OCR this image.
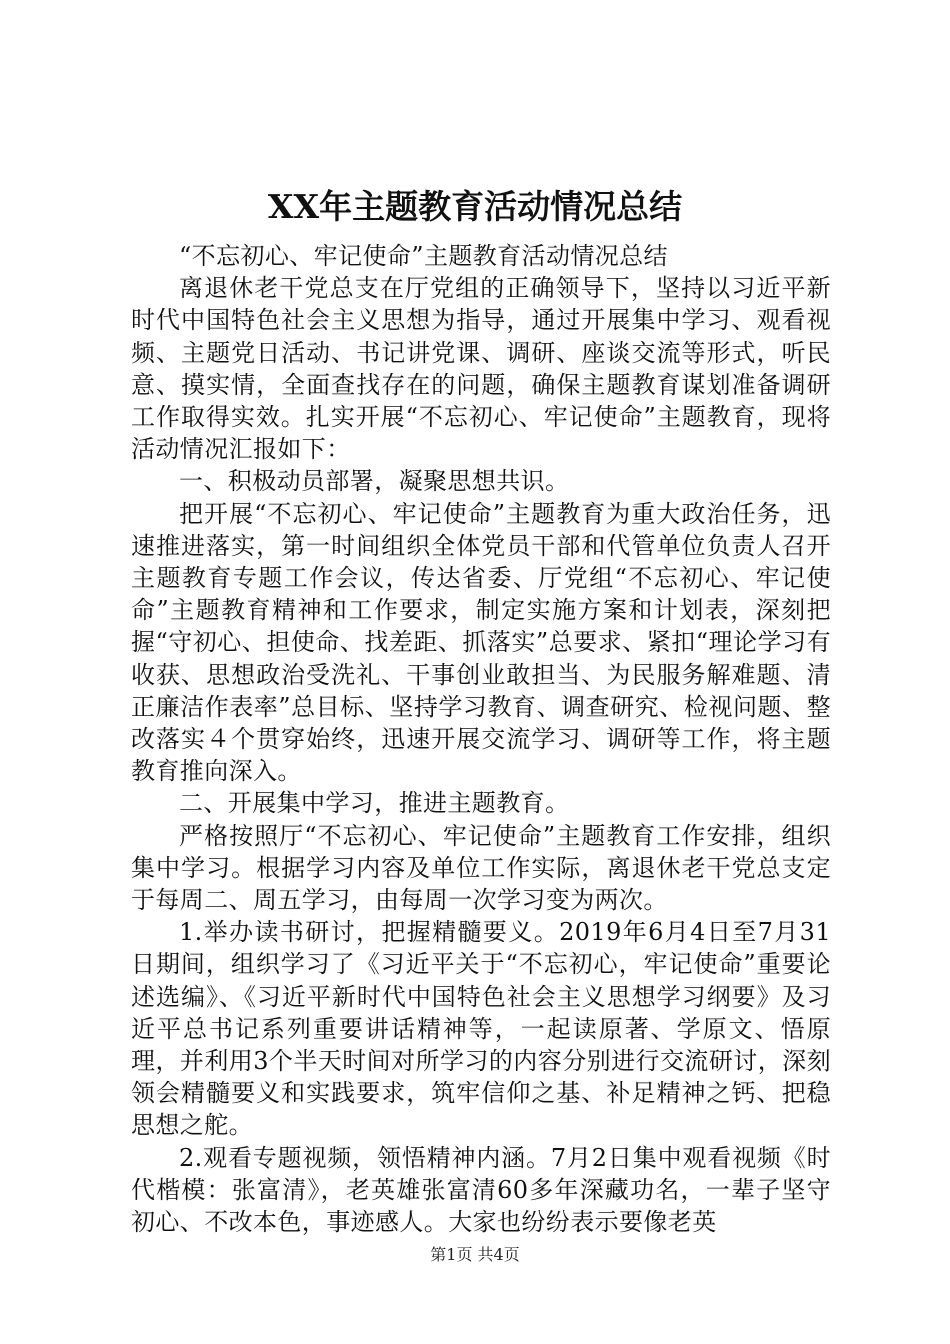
XX年主题教育活动情况总结

“不忘初心、牢记使命”主题教育活动情况总结

离退休老干党总支在厅党组的正确领导下，坚持以习近平新时代中国特色社会主义思想为指导，通过开展集中学习、观看视频、主题党日活动、书记讲党课、调研、座谈交流等形式，听民意、摸实情，全面查找存在的问题，确保主题教育谋划准备调研工作取得实效。扎实开展“不忘初心、牢记使命”主题教育，现将活动情况汇报如下：

一、积极动员部署，凝聚思想共识。

把开展“不忘初心、牢记使命”主题教育为重大政治任务，迅速推进落实，第一时间组织全体党员干部和代管单位负责人召开主题教育专题工作会议，传达省委、厅党组“不忘初心、牢记使命”主题教育精神和工作要求，制定实施方案和计划表，深刻把握“守初心、担使命、找差距、抓落实”总要求、紧扣“理论学习有收获、思想政治受洗礼、干事创业敢担当、为民服务解难题、清正廉洁作表率”总目标、坚持学习教育、调查研究、检视问题、整改落实４个贯穿始终，迅速开展交流学习、调研等工作，将主题教育推向深入。

二、开展集中学习，推进主题教育。

严格按照厅“不忘初心、牢记使命”主题教育工作安排，组织集中学习。根据学习内容及单位工作实际，离退休老干党总支定于每周二、周五学习，由每周一次学习变为两次。

1.举办读书研讨，把握精髓要义。2019年6月4日至7月31日期间，组织学习了《习近平关于“不忘初心，牢记使命”重要论述选编》、《习近平新时代中国特色社会主义思想学习纲要》及习近平总书记系列重要讲话精神等，一起读原著、学原文、悟原理，并利用3个半天时间对所学习的内容分别进行交流研讨，深刻领会精髓要义和实践要求，筑牢信仰之基、补足精神之钙、把稳思想之舵。

2.观看专题视频，领悟精神内涵。7月2日集中观看视频《时代楷模：张富清》，老英雄张富清60多年深藏功名，一辈子坚守初心、不改本色，事迹感人。大家也纷纷表示要像老英

第1页 共4页
